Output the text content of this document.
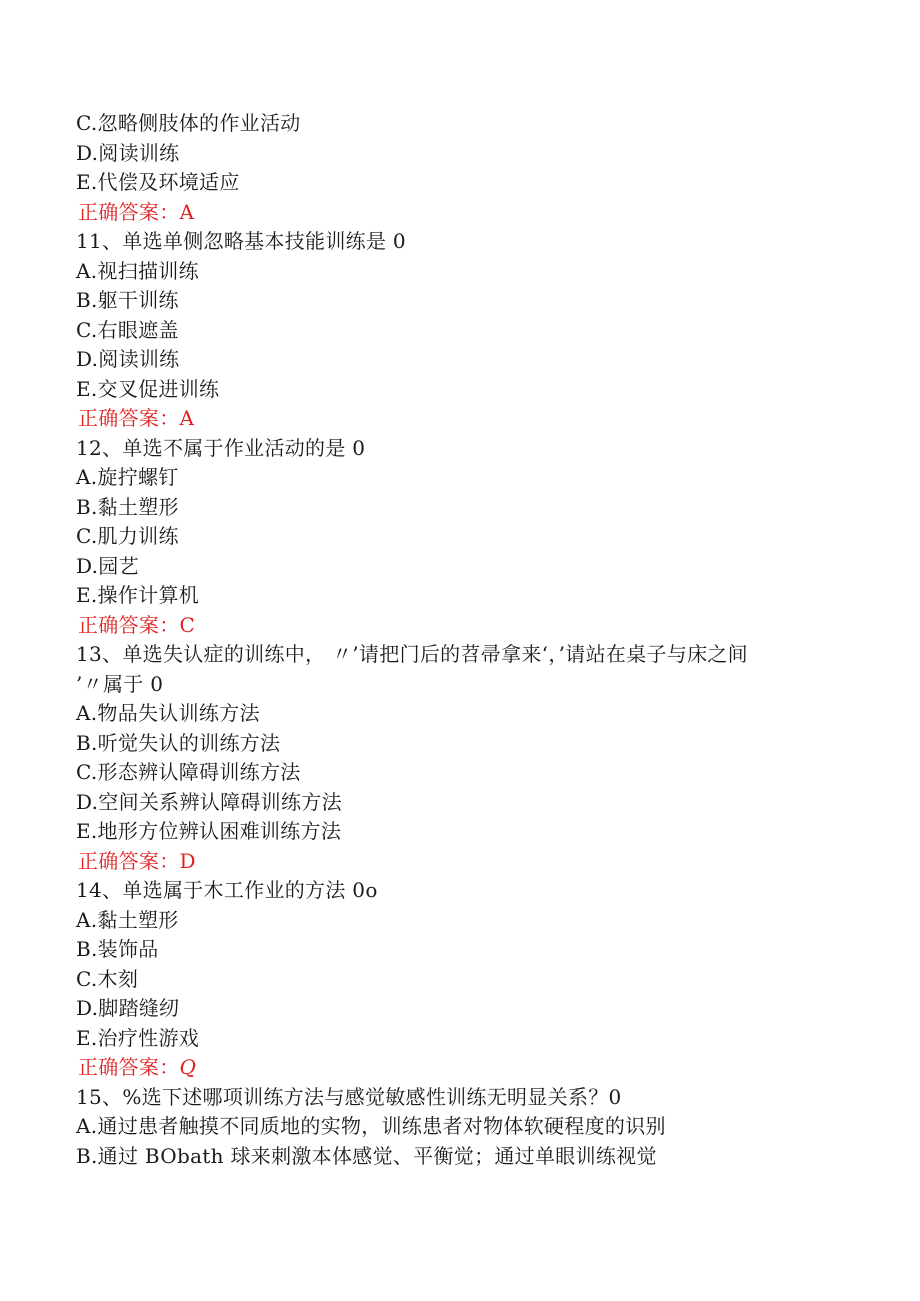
C.忽略侧肢体的作业活动
D.阅读训练
E.代偿及环境适应
正确答案：A
11、单选单侧忽略基本技能训练是 0
A.视扫描训练
B.躯干训练
C.右眼遮盖
D.阅读训练
E.交叉促进训练
正确答案：A
12、单选不属于作业活动的是 0
A.旋拧螺钉
B.黏土塑形
C.肌力训练
D.园艺
E.操作计算机
正确答案：C
13、单选失认症的训练中， 〃’请把门后的苕帚拿来‘，’请站在桌子与床之间
’〃属于 0
A.物品失认训练方法
B.听觉失认的训练方法
C.形态辨认障碍训练方法
D.空间关系辨认障碍训练方法
E.地形方位辨认困难训练方法
正确答案：D
14、单选属于木工作业的方法 0o
A.黏土塑形
B.装饰品
C.木刻
D.脚踏缝纫
E.治疗性游戏
正确答案：Q
15、%选下述哪项训练方法与感觉敏感性训练无明显关系？0
A.通过患者触摸不同质地的实物，训练患者对物体软硬程度的识别
B.通过 BObath 球来刺激本体感觉、平衡觉；通过单眼训练视觉
